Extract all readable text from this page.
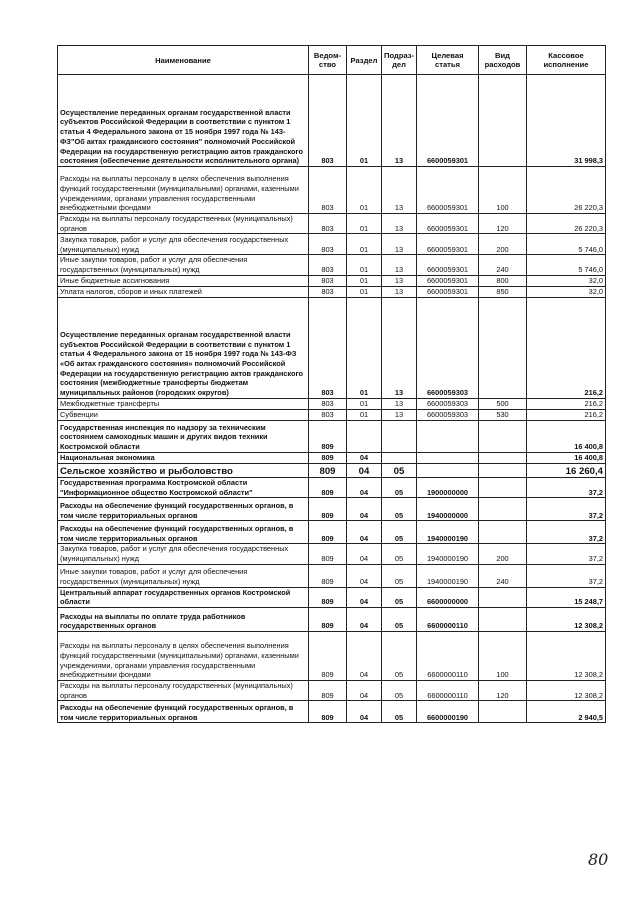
Наименование	Ведом-ство	Раздел	Подраз-дел	Целевая статья	Вид расходов	Кассовое исполнение
Осуществление переданных органам государственной власти субъектов Российской Федерации в соответствии с пунктом 1 статьи 4 Федерального закона от 15 ноября 1997 года № 143-ФЗ"Об актах гражданского состояния" полномочий Российской Федерации на государственную регистрацию актов гражданского состояния (обеспечение деятельности исполнительного органа)	803	01	13	6600059301		31 998,3
Расходы на выплаты персоналу в целях обеспечения выполнения функций государственными (муниципальными) органами, казенными учреждениями, органами управления государственными внебюджетными фондами	803	01	13	6600059301	100	26 220,3
Расходы на выплаты персоналу государственных (муниципальных) органов	803	01	13	6600059301	120	26 220,3
Закупка товаров, работ и услуг для обеспечения государственных (муниципальных) нужд	803	01	13	6600059301	200	5 746,0
Иные закупки товаров, работ и услуг для обеспечения государственных (муниципальных) нужд	803	01	13	6600059301	240	5 746,0
Иные бюджетные ассигнования	803	01	13	6600059301	800	32,0
Уплата налогов, сборов и иных платежей	803	01	13	6600059301	850	32,0
Осуществление переданных органам государственной власти субъектов Российской Федерации в соответствии с пунктом 1 статьи 4 Федерального закона от 15 ноября 1997 года № 143-ФЗ «Об актах гражданского состояния» полномочий Российской Федерации на государственную регистрацию актов гражданского состояния (межбюджетные трансферты бюджетам муниципальных районов (городских округов)	803	01	13	6600059303		216,2
Межбюджетные трансферты	803	01	13	6600059303	500	216,2
Субвенции	803	01	13	6600059303	530	216,2
Государственная инспекция по надзору за техническим состоянием самоходных машин и других видов техники Костромской области	809					16 400,8
Национальная экономика	809	04				16 400,8
Сельское хозяйство и рыболовство	809	04	05			16 260,4
Государственная программа Костромской области "Информационное общество Костромской области"	809	04	05	1900000000		37,2
Расходы на обеспечение функций государственных органов, в том числе территориальных органов	809	04	05	1940000000		37,2
Расходы на обеспечение функций государственных органов, в том числе территориальных органов	809	04	05	1940000190		37,2
Закупка товаров, работ и услуг для обеспечения государственных (муниципальных) нужд	809	04	05	1940000190	200	37,2
Иные закупки товаров, работ и услуг для обеспечения государственных (муниципальных) нужд	809	04	05	1940000190	240	37,2
Центральный аппарат государственных органов Костромской области	809	04	05	6600000000		15 248,7
Расходы на выплаты по оплате труда работников государственных органов	809	04	05	6600000110		12 308,2
Расходы на выплаты персоналу в целях обеспечения выполнения функций государственными (муниципальными) органами, казенными учреждениями, органами управления государственными внебюджетными фондами	809	04	05	6600000110	100	12 308,2
Расходы на выплаты персоналу государственных (муниципальных) органов	809	04	05	6600000110	120	12 308,2
Расходы на обеспечение функций государственных органов, в том числе территориальных органов	809	04	05	6600000190		2 940,5
80
